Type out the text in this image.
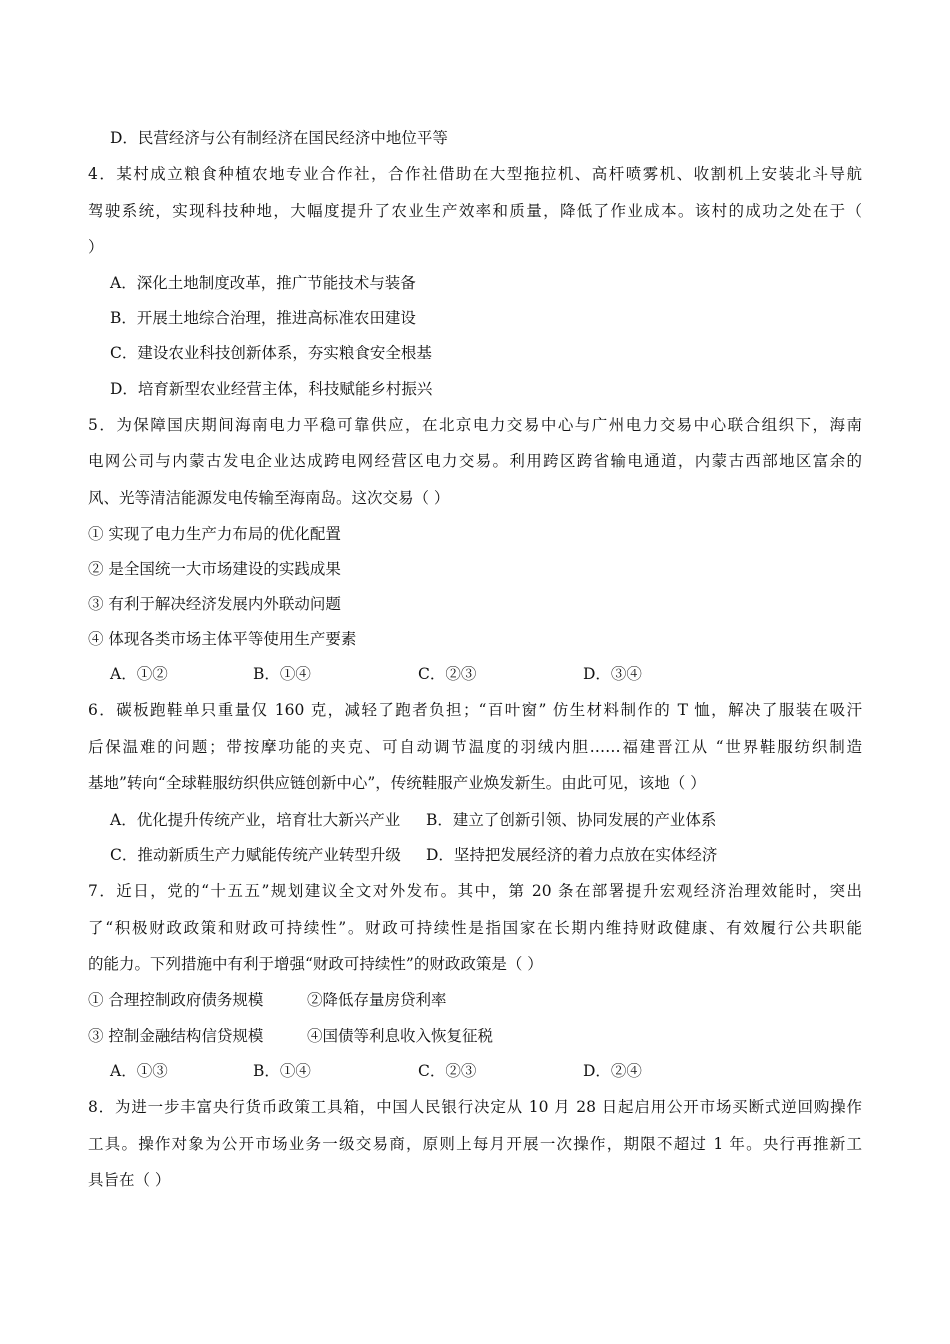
D．民营经济与公有制经济在国民经济中地位平等
4．某村成立粮食种植农地专业合作社，合作社借助在大型拖拉机、高杆喷雾机、收割机上安装北斗导航
驾驶系统，实现科技种地，大幅度提升了农业生产效率和质量，降低了作业成本。该村的成功之处在于（
）
A．深化土地制度改革，推广节能技术与装备
B．开展土地综合治理，推进高标准农田建设
C．建设农业科技创新体系，夯实粮食安全根基
D．培育新型农业经营主体，科技赋能乡村振兴
5．为保障国庆期间海南电力平稳可靠供应，在北京电力交易中心与广州电力交易中心联合组织下，海南
电网公司与内蒙古发电企业达成跨电网经营区电力交易。利用跨区跨省输电通道，内蒙古西部地区富余的
风、光等清洁能源发电传输至海南岛。这次交易（ ）
① 实现了电力生产力布局的优化配置
② 是全国统一大市场建设的实践成果
③ 有利于解决经济发展内外联动问题
④ 体现各类市场主体平等使用生产要素
A．①②	B．①④	C．②③	D．③④
6．碳板跑鞋单只重量仅 160 克，减轻了跑者负担；“百叶窗” 仿生材料制作的 T 恤，解决了服装在吸汗
后保温难的问题；带按摩功能的夹克、可自动调节温度的羽绒内胆……福建晋江从 “世界鞋服纺织制造
基地”转向“全球鞋服纺织供应链创新中心”，传统鞋服产业焕发新生。由此可见，该地（ ）
A．优化提升传统产业，培育壮大新兴产业 B．建立了创新引领、协同发展的产业体系
C．推动新质生产力赋能传统产业转型升级 D．坚持把发展经济的着力点放在实体经济
7．近日，党的“十五五”规划建议全文对外发布。其中，第 20 条在部署提升宏观经济治理效能时，突出
了“积极财政政策和财政可持续性”。财政可持续性是指国家在长期内维持财政健康、有效履行公共职能
的能力。下列措施中有利于增强“财政可持续性”的财政政策是（ ）
① 合理控制政府债务规模	②降低存量房贷利率
③ 控制金融结构信贷规模	④国债等利息收入恢复征税
A．①③	B．①④	C．②③	D．②④
8．为进一步丰富央行货币政策工具箱，中国人民银行决定从 10 月 28 日起启用公开市场买断式逆回购操作
工具。操作对象为公开市场业务一级交易商，原则上每月开展一次操作，期限不超过 1 年。央行再推新工
具旨在（ ）
